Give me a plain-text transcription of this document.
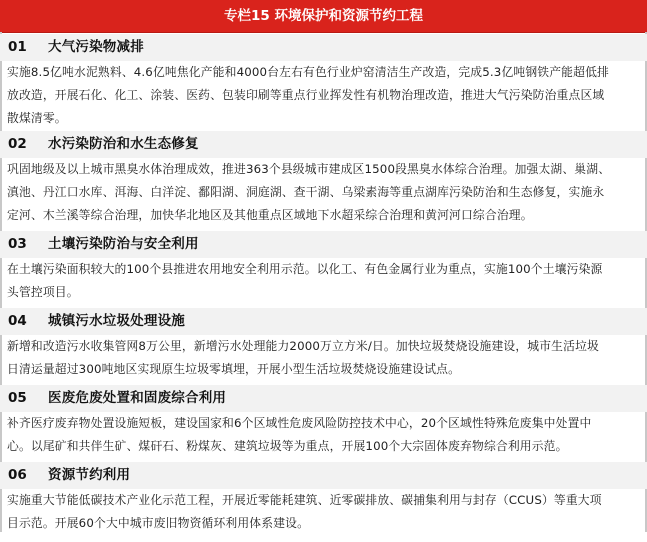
专栏15 环境保护和资源节约工程
01 大气污染物减排

实施8.5亿吨水泥熟料、4.6亿吨焦化产能和4000台左右有色行业炉窑清洁生产改造，完成5.3亿吨钢铁产能超低排

放改造，开展石化、化工、涂装、医药、包装印刷等重点行业挥发性有机物治理改造，推进大气污染防治重点区域

散煤清零。

02 水污染防治和水生态修复

巩固地级及以上城市黑臭水体治理成效，推进363个县级城市建成区1500段黑臭水体综合治理。加强太湖、巢湖、

滇池、丹江口水库、洱海、白洋淀、鄱阳湖、洞庭湖、查干湖、乌梁素海等重点湖库污染防治和生态修复，实施永

定河、木兰溪等综合治理，加快华北地区及其他重点区域地下水超采综合治理和黄河河口综合治理。

03 土壤污染防治与安全利用

在土壤污染面积较大的100个县推进农用地安全利用示范。以化工、有色金属行业为重点，实施100个土壤污染源

头管控项目。

04 城镇污水垃圾处理设施

新增和改造污水收集管网8万公里，新增污水处理能力2000万立方米/日。加快垃圾焚烧设施建设，城市生活垃圾

日清运量超过300吨地区实现原生垃圾零填埋，开展小型生活垃圾焚烧设施建设试点。

05 医废危废处置和固废综合利用

补齐医疗废弃物处置设施短板，建设国家和6个区域性危废风险防控技术中心，20个区域性特殊危废集中处置中

心。以尾矿和共伴生矿、煤矸石、粉煤灰、建筑垃圾等为重点，开展100个大宗固体废弃物综合利用示范。

06 资源节约利用

实施重大节能低碳技术产业化示范工程，开展近零能耗建筑、近零碳排放、碳捕集利用与封存（CCUS）等重大项

目示范。开展60个大中城市废旧物资循环利用体系建设。
